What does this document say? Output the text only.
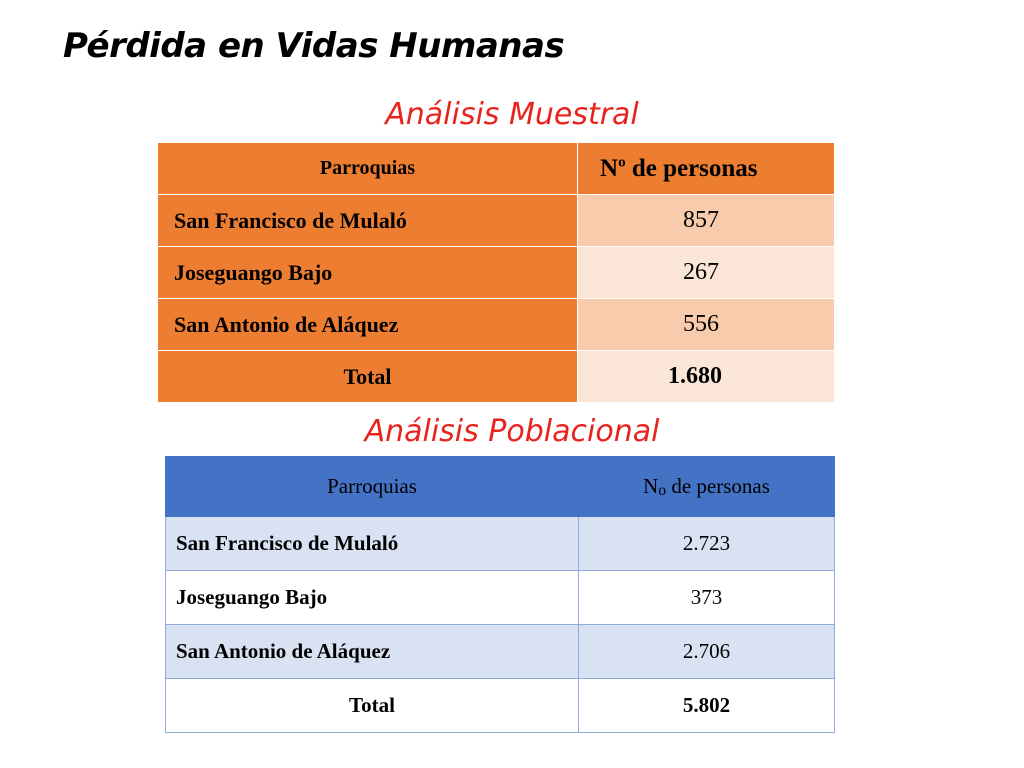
Pérdida en Vidas Humanas
Análisis Muestral
Parroquias	$N^o$ de personas
San Francisco de Mulaló	857
Joseguango Bajo	267
San Antonio de Aláquez	556
Total	1.680
Análisis Poblacional
Parroquias	No de personas
San Francisco de Mulaló	2.723
Joseguango Bajo	373
San Antonio de Aláquez	2.706
Total	5.802
